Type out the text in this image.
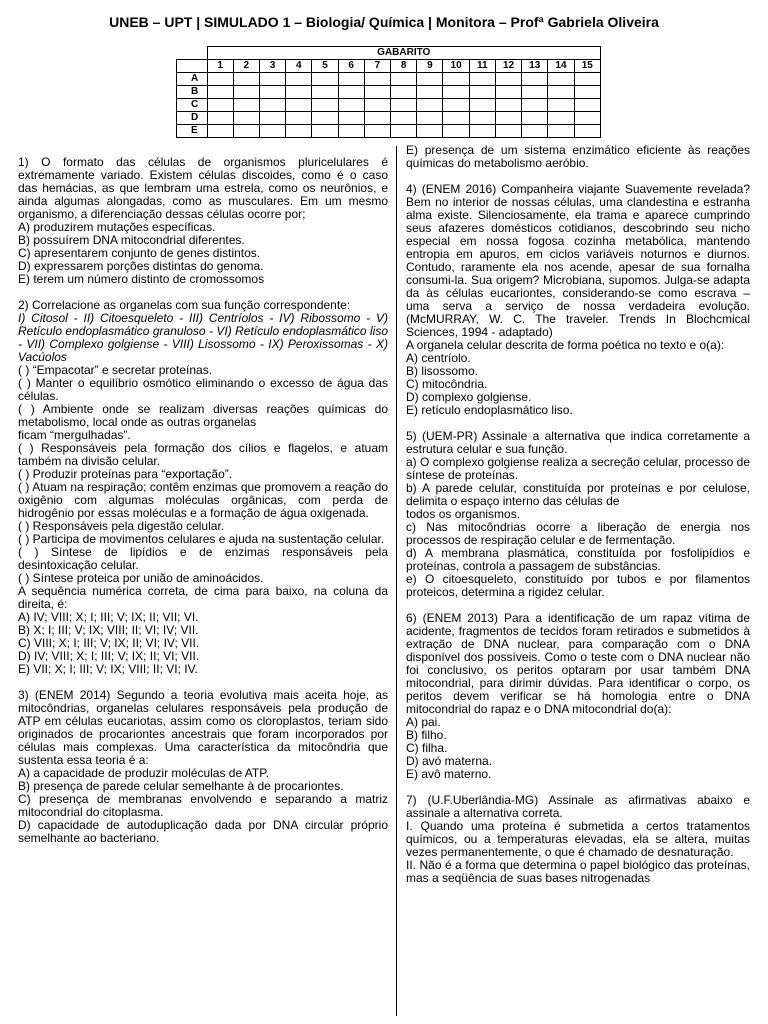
UNEB – UPT | SIMULADO 1 – Biologia/ Química | Monitora – Profª Gabriela Oliveira
	GABARITO														
	1	2	3	4	5	6	7	8	9	10	11	12	13	14	15
A															
B															
C															
D															
E															

1) O formato das células de organismos pluricelulares é extremamente variado. Existem células discoides, como é o caso das hemácias, as que lembram uma estrela, como os neurônios, e ainda algumas alongadas, como as musculares. Em um mesmo organismo, a diferenciação dessas células ocorre por;

A) produzirem mutações específicas.

B) possuírem DNA mitocondrial diferentes.

C) apresentarem conjunto de genes distintos.

D) expressarem porções distintas do genoma.

E) terem um número distinto de cromossomos

2) Correlacione as organelas com sua função correspondente:

I) Citosol - II) Citoesqueleto - III) Centríolos - IV) Ribossomo - V) Retículo endoplasmático granuloso - VI) Retículo endoplasmático liso - VII) Complexo golgiense - VIII) Lisossomo - IX) Peroxissomas - X) Vacúolos

( ) “Empacotar” e secretar proteínas.

( ) Manter o equilíbrio osmótico eliminando o excesso de água das células.

( ) Ambiente onde se realizam diversas reações químicas do metabolismo, local onde as outras organelas

ficam “mergulhadas”.

( ) Responsáveis pela formação dos cílios e flagelos, e atuam também na divisão celular.

( ) Produzir proteínas para “exportação”.

( ) Atuam na respiração; contêm enzimas que promovem a reação do oxigênio com algumas moléculas orgânicas, com perda de hidrogênio por essas moléculas e a formação de água oxigenada.

( ) Responsáveis pela digestão celular.

( ) Participa de movimentos celulares e ajuda na sustentação celular.

( ) Síntese de lipídios e de enzimas responsáveis pela desintoxicação celular.

( ) Síntese proteica por união de aminoácidos.

A sequência numérica correta, de cima para baixo, na coluna da direita, é:

A) IV; VIII; X; I; III; V; IX; II; VII; VI.

B) X; I; III; V; IX; VIII; II; VI; IV; VII.

C) VIII; X; I; III; V; IX; II; VI; IV; VII.

D) IV; VIII; X; I; III; V; IX; II; VI; VII.

E) VII; X; I; III; V; IX; VIII; II; VI; IV.

3) (ENEM 2014) Segundo a teoria evolutiva mais aceita hoje, as mitocôndrias, organelas celulares responsáveis pela produção de ATP em células eucariotas, assim como os cloroplastos, teriam sido originados de procariontes ancestrais que foram incorporados por células mais complexas. Uma característica da mitocôndria que sustenta essa teoria é a:

A) a capacidade de produzir moléculas de ATP.

B) presença de parede celular semelhante à de procariontes.

C) presença de membranas envolvendo e separando a matriz mitocondrial do citoplasma.

D) capacidade de autoduplicação dada por DNA circular próprio semelhante ao bacteriano.

E) presença de um sistema enzimático eficiente às reações químicas do metabolismo aeróbio.

4) (ENEM 2016) Companheira viajante Suavemente revelada? Bem no interior de nossas células, uma clandestina e estranha alma existe. Silenciosamente, ela trama e aparece cumprindo seus afazeres domésticos cotidianos, descobrindo seu nicho especial em nossa fogosa cozinha metabólica, mantendo entropia em apuros, em ciclos variáveis noturnos e diurnos. Contudo, raramente ela nos acende, apesar de sua fornalha consumi-la. Sua origem? Microbiana, supomos. Julga-se adapta da às células eucariontes, considerando-se como escrava – uma serva a serviço de nossa verdadeira evolução. (McMURRAY, W. C. The traveler. Trends In Blochcmical Sciences, 1994 - adaptado)

A organela celular descrita de forma poética no texto e o(a):

A) centríolo.

B) lisossomo.

C) mitocôndria.

D) complexo golgiense.

E) retículo endoplasmático liso.

5) (UEM-PR) Assinale a alternativa que indica corretamente a estrutura celular e sua função.

a) O complexo golgiense realiza a secreção celular, processo de síntese de proteínas.

b) A parede celular, constituída por proteínas e por celulose, delimita o espaço interno das células de

todos os organismos.

c) Nas mitocôndrias ocorre a liberação de energia nos processos de respiração celular e de fermentação.

d) A membrana plasmática, constituída por fosfolipídios e proteínas, controla a passagem de substâncias.

e) O citoesqueleto, constituído por tubos e por filamentos proteicos, determina a rigidez celular.

6) (ENEM 2013) Para a identificação de um rapaz vítima de acidente, fragmentos de tecidos foram retirados e submetidos à extração de DNA nuclear, para comparação com o DNA disponível dos possíveis. Como o teste com o DNA nuclear não foi conclusivo, os peritos optaram por usar também DNA mitocondrial, para dirimir dúvidas. Para identificar o corpo, os peritos devem verificar se há homologia entre o DNA mitocondrial do rapaz e o DNA mitocondrial do(a):

A) pai.

B) filho.

C) filha.

D) avó materna.

E) avô materno.

7) (U.F.Uberlândia-MG) Assinale as afirmativas abaixo e assinale a alternativa correta.

I. Quando uma proteína é submetida a certos tratamentos químicos, ou a temperaturas elevadas, ela se altera, muitas vezes permanentemente, o que é chamado de desnaturação.

II. Não é a forma que determina o papel biológico das proteínas, mas a seqüência de suas bases nitrogenadas
